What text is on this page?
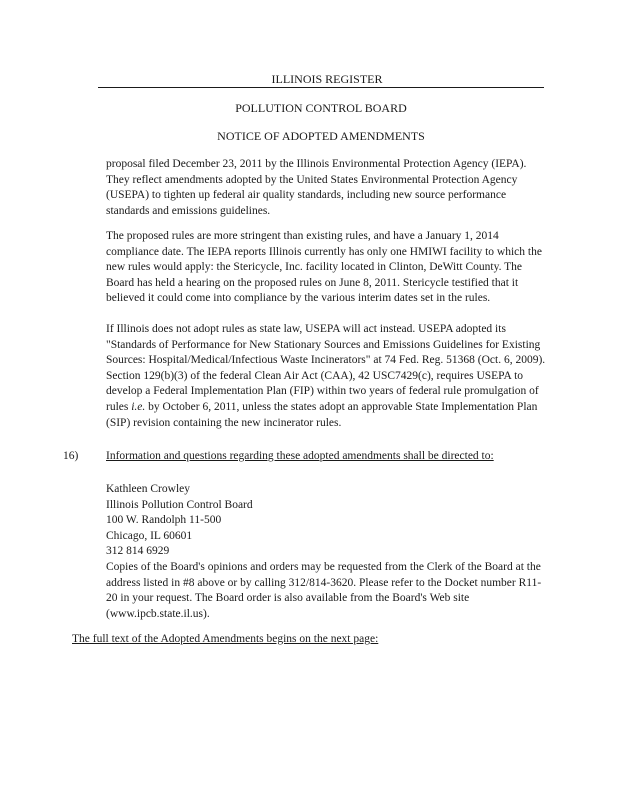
ILLINOIS REGISTER
POLLUTION CONTROL BOARD
NOTICE OF ADOPTED AMENDMENTS

proposal filed December 23, 2011 by the Illinois Environmental Protection Agency (IEPA). They reflect amendments adopted by the United States Environmental Protection Agency (USEPA) to tighten up federal air quality standards, including new source performance standards and emissions guidelines.

The proposed rules are more stringent than existing rules, and have a January 1, 2014 compliance date. The IEPA reports Illinois currently has only one HMIWI facility to which the new rules would apply: the Stericycle, Inc. facility located in Clinton, DeWitt County. The Board has held a hearing on the proposed rules on June 8, 2011. Stericycle testified that it believed it could come into compliance by the various interim dates set in the rules.

If Illinois does not adopt rules as state law, USEPA will act instead. USEPA adopted its "Standards of Performance for New Stationary Sources and Emissions Guidelines for Existing Sources: Hospital/Medical/Infectious Waste Incinerators" at 74 Fed. Reg. 51368 (Oct. 6, 2009). Section 129(b)(3) of the federal Clean Air Act (CAA), 42 USC7429(c), requires USEPA to develop a Federal Implementation Plan (FIP) within two years of federal rule promulgation of rules i.e. by October 6, 2011, unless the states adopt an approvable State Implementation Plan (SIP) revision containing the new incinerator rules.

16) Information and questions regarding these adopted amendments shall be directed to:
Kathleen Crowley
Illinois Pollution Control Board
100 W. Randolph 11-500
Chicago, IL 60601
312 814 6929

Copies of the Board's opinions and orders may be requested from the Clerk of the Board at the address listed in #8 above or by calling 312/814-3620. Please refer to the Docket number R11-20 in your request. The Board order is also available from the Board's Web site (www.ipcb.state.il.us).

The full text of the Adopted Amendments begins on the next page:
